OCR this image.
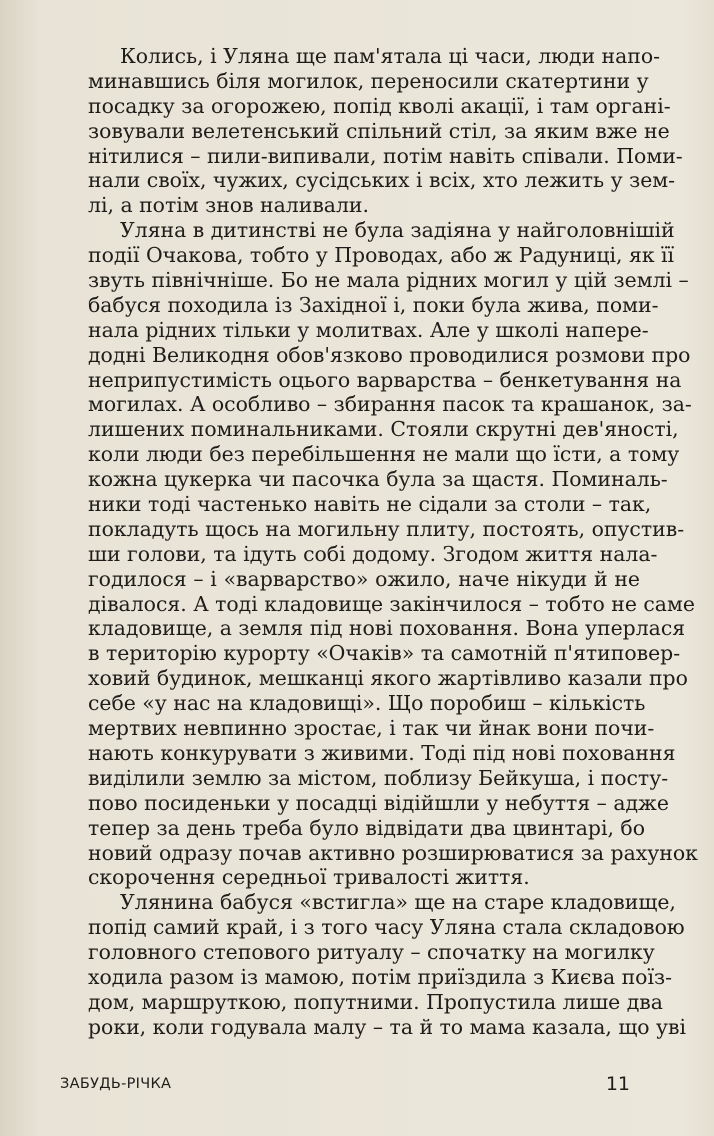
Колись, і Уляна ще пам'ятала ці часи, люди напо-
минавшись біля могилок, переносили скатертини у
посадку за огорожею, попід кволі акації, і там органі-
зовували велетенський спільний стіл, за яким вже не
нітилися – пили-випивали, потім навіть співали. Поми-
нали своїх, чужих, сусідських і всіх, хто лежить у зем-
лі, а потім знов наливали.
Уляна в дитинстві не була задіяна у найголовнішій
події Очакова, тобто у Проводах, або ж Радуниці, як її
звуть північніше. Бо не мала рідних могил у цій землі –
бабуся походила із Західної і, поки була жива, поми-
нала рідних тільки у молитвах. Але у школі напере-
додні Великодня обов'язково проводилися розмови про
неприпустимість оцього варварства – бенкетування на
могилах. А особливо – збирання пасок та крашанок, за-
лишених поминальниками. Стояли скрутні дев'яності,
коли люди без перебільшення не мали що їсти, а тому
кожна цукерка чи пасочка була за щастя. Поминаль-
ники тоді частенько навіть не сідали за столи – так,
покладуть щось на могильну плиту, постоять, опустив-
ши голови, та ідуть собі додому. Згодом життя нала-
годилося – і «варварство» ожило, наче нікуди й не
дівалося. А тоді кладовище закінчилося – тобто не саме
кладовище, а земля під нові поховання. Вона уперлася
в територію курорту «Очаків» та самотній п'ятиповер-
ховий будинок, мешканці якого жартівливо казали про
себе «у нас на кладовищі». Що поробиш – кількість
мертвих невпинно зростає, і так чи йнак вони почи-
нають конкурувати з живими. Тоді під нові поховання
виділили землю за містом, поблизу Бейкуша, і посту-
пово посиденьки у посадці відійшли у небуття – адже
тепер за день треба було відвідати два цвинтарі, бо
новий одразу почав активно розширюватися за рахунок
скорочення середньої тривалості життя.
Улянина бабуся «встигла» ще на старе кладовище,
попід самий край, і з того часу Уляна стала складовою
головного степового ритуалу – спочатку на могилку
ходила разом із мамою, потім приїздила з Києва поїз-
дом, маршруткою, попутними. Пропустила лише два
роки, коли годувала малу – та й то мама казала, що уві
ЗАБУДЬ-РІЧКА	11
